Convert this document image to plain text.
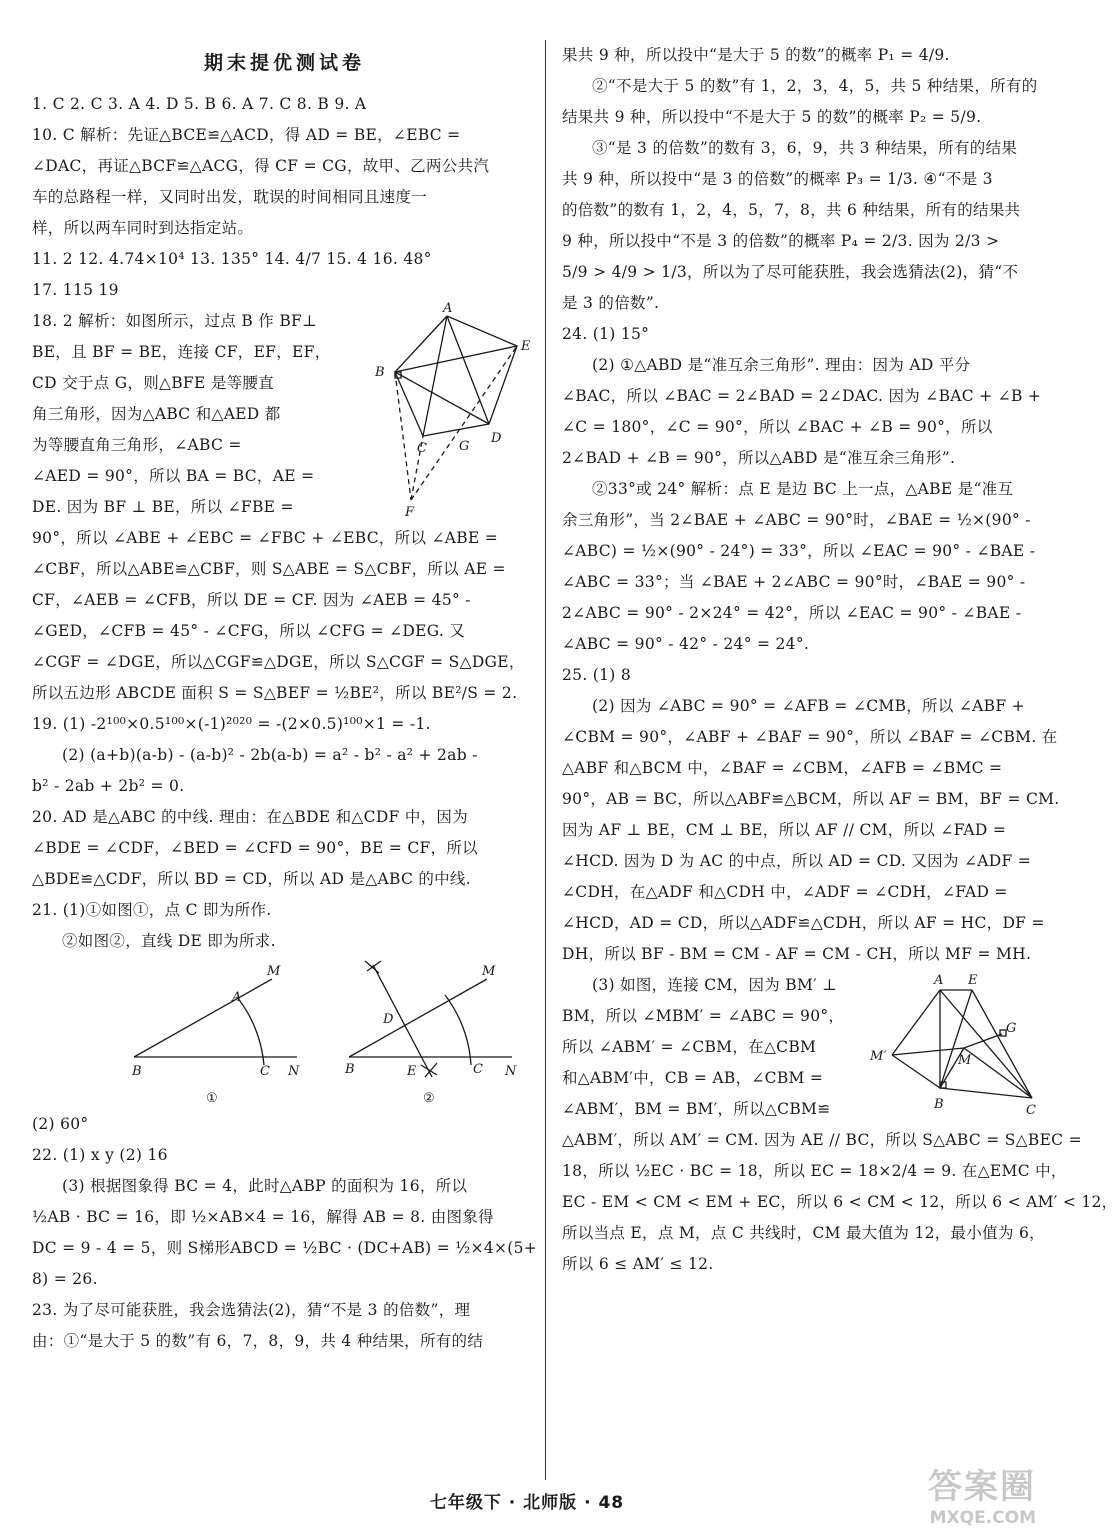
期末提优测试卷
1. C 2. C 3. A 4. D 5. B 6. A 7. C 8. B 9. A
10. C 解析：先证△BCE≌△ACD，得 AD = BE，∠EBC =
∠DAC，再证△BCF≌△ACG，得 CF = CG，故甲、乙两公共汽
车的总路程一样，又同时出发，耽误的时间相同且速度一
样，所以两车同时到达指定站。
11. 2 12. 4.74×10⁴ 13. 135° 14. 4/7 15. 4 16. 48°
17. 115 19
18. 2 解析：如图所示，过点 B 作 BF⊥
BE，且 BF = BE，连接 CF，EF，EF，
CD 交于点 G，则△BFE 是等腰直
角三角形，因为△ABC 和△AED 都
为等腰直角三角形，∠ABC =
∠AED = 90°，所以 BA = BC，AE =
DE. 因为 BF ⊥ BE，所以 ∠FBE =
A
E
B
C G
D
F
90°，所以 ∠ABE + ∠EBC = ∠FBC + ∠EBC，所以 ∠ABE =
∠CBF，所以△ABE≌△CBF，则 S△ABE = S△CBF，所以 AE =
CF，∠AEB = ∠CFB，所以 DE = CF. 因为 ∠AEB = 45° -
∠GED，∠CFB = 45° - ∠CFG，所以 ∠CFG = ∠DEG. 又
∠CGF = ∠DGE，所以△CGF≌△DGE，所以 S△CGF = S△DGE，
所以五边形 ABCDE 面积 S = S△BEF = ½BE²，所以 BE²/S = 2.
19. (1) -2¹⁰⁰×0.5¹⁰⁰×(-1)²⁰²⁰ = -(2×0.5)¹⁰⁰×1 = -1.
(2) (a+b)(a-b) - (a-b)² - 2b(a-b) = a² - b² - a² + 2ab -
b² - 2ab + 2b² = 0.
20. AD 是△ABC 的中线. 理由：在△BDE 和△CDF 中，因为
∠BDE = ∠CDF，∠BED = ∠CFD = 90°，BE = CF，所以
△BDE≌△CDF，所以 BD = CD，所以 AD 是△ABC 的中线.
21. (1)①如图①，点 C 即为所作.
②如图②，直线 DE 即为所求.
M
A
B	C N
①
M
D
B	E	C N
②
(2) 60°
22. (1) x y (2) 16
(3) 根据图象得 BC = 4，此时△ABP 的面积为 16，所以
½AB · BC = 16，即 ½×AB×4 = 16，解得 AB = 8. 由图象得
DC = 9 - 4 = 5，则 S梯形ABCD = ½BC · (DC+AB) = ½×4×(5+
8) = 26.
23. 为了尽可能获胜，我会选猜法(2)，猜“不是 3 的倍数”，理
由：①“是大于 5 的数”有 6，7，8，9，共 4 种结果，所有的结
果共 9 种，所以投中“是大于 5 的数”的概率 P₁ = 4/9.
②“不是大于 5 的数”有 1，2，3，4，5，共 5 种结果，所有的
结果共 9 种，所以投中“不是大于 5 的数”的概率 P₂ = 5/9.
③“是 3 的倍数”的数有 3，6，9，共 3 种结果，所有的结果
共 9 种，所以投中“是 3 的倍数”的概率 P₃ = 1/3. ④“不是 3
的倍数”的数有 1，2，4，5，7，8，共 6 种结果，所有的结果共
9 种，所以投中“不是 3 的倍数”的概率 P₄ = 2/3. 因为 2/3 >
5/9 > 4/9 > 1/3，所以为了尽可能获胜，我会选猜法(2)，猜“不
是 3 的倍数”.
24. (1) 15°
(2) ①△ABD 是“准互余三角形”. 理由：因为 AD 平分
∠BAC，所以 ∠BAC = 2∠BAD = 2∠DAC. 因为 ∠BAC + ∠B +
∠C = 180°，∠C = 90°，所以 ∠BAC + ∠B = 90°，所以
2∠BAD + ∠B = 90°，所以△ABD 是“准互余三角形”.
②33°或 24° 解析：点 E 是边 BC 上一点，△ABE 是“准互
余三角形”，当 2∠BAE + ∠ABC = 90°时，∠BAE = ½×(90° -
∠ABC) = ½×(90° - 24°) = 33°，所以 ∠EAC = 90° - ∠BAE -
∠ABC = 33°；当 ∠BAE + 2∠ABC = 90°时，∠BAE = 90° -
2∠ABC = 90° - 2×24° = 42°，所以 ∠EAC = 90° - ∠BAE -
∠ABC = 90° - 42° - 24° = 24°.
25. (1) 8
(2) 因为 ∠ABC = 90° = ∠AFB = ∠CMB，所以 ∠ABF +
∠CBM = 90°，∠ABF + ∠BAF = 90°，所以 ∠BAF = ∠CBM. 在
△ABF 和△BCM 中，∠BAF = ∠CBM，∠AFB = ∠BMC =
90°，AB = BC，所以△ABF≌△BCM，所以 AF = BM，BF = CM.
因为 AF ⊥ BE，CM ⊥ BE，所以 AF // CM，所以 ∠FAD =
∠HCD. 因为 D 为 AC 的中点，所以 AD = CD. 又因为 ∠ADF =
∠CDH，在△ADF 和△CDH 中，∠ADF = ∠CDH，∠FAD =
∠HCD，AD = CD，所以△ADF≌△CDH，所以 AF = HC，DF =
DH，所以 BF - BM = CM - AF = CM - CH，所以 MF = MH.
(3) 如图，连接 CM，因为 BM′ ⊥
BM，所以 ∠MBM′ = ∠ABC = 90°，
所以 ∠ABM′ = ∠CBM，在△CBM
和△ABM′中，CB = AB，∠CBM =
∠ABM′，BM = BM′，所以△CBM≌
A E
G
M′	M
B	C
△ABM′，所以 AM′ = CM. 因为 AE // BC，所以 S△ABC = S△BEC =
18，所以 ½EC · BC = 18，所以 EC = 18×2/4 = 9. 在△EMC 中，
EC - EM < CM < EM + EC，所以 6 < CM < 12，所以 6 < AM′ < 12，
所以当点 E，点 M，点 C 共线时，CM 最大值为 12，最小值为 6，
所以 6 ≤ AM′ ≤ 12.
七年级下 · 北师版 · 48	答案圈
MXQE.COM
